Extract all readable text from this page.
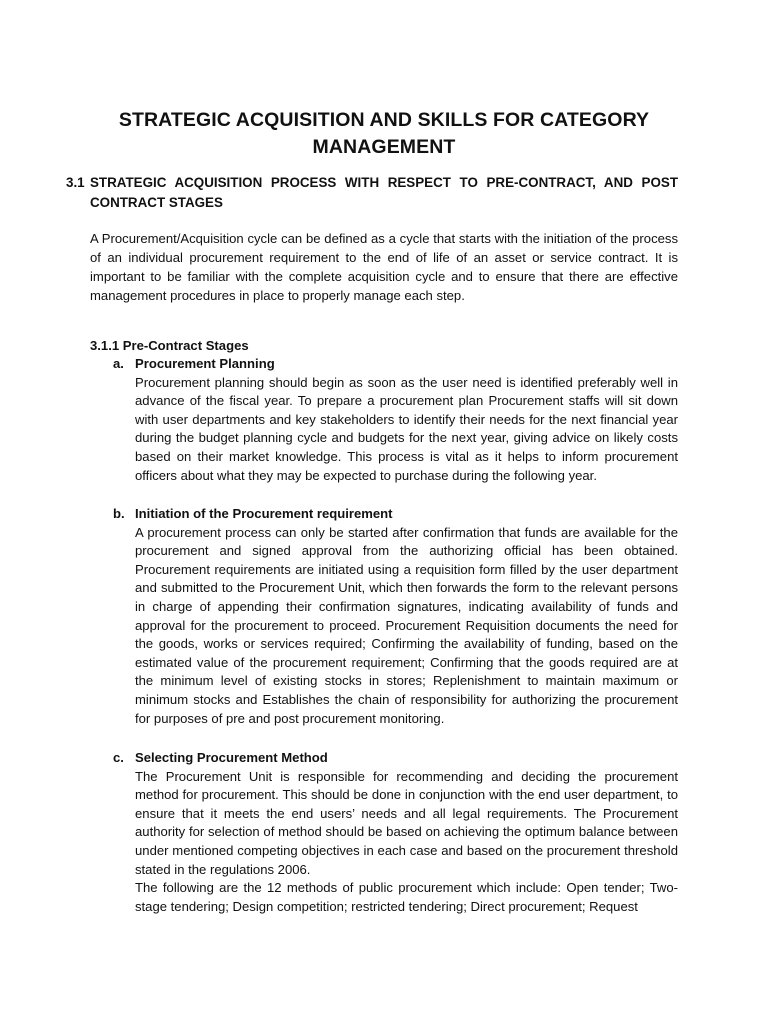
STRATEGIC ACQUISITION AND SKILLS FOR CATEGORY MANAGEMENT
3.1 STRATEGIC ACQUISITION PROCESS WITH RESPECT TO PRE-CONTRACT, AND POST CONTRACT STAGES

A Procurement/Acquisition cycle can be defined as a cycle that starts with the initiation of the process of an individual procurement requirement to the end of life of an asset or service contract. It is important to be familiar with the complete acquisition cycle and to ensure that there are effective management procedures in place to properly manage each step.

3.1.1 Pre-Contract Stages
a. Procurement Planning
Procurement planning should begin as soon as the user need is identified preferably well in advance of the fiscal year. To prepare a procurement plan Procurement staffs will sit down with user departments and key stakeholders to identify their needs for the next financial year during the budget planning cycle and budgets for the next year, giving advice on likely costs based on their market knowledge. This process is vital as it helps to inform procurement officers about what they may be expected to purchase during the following year.
b. Initiation of the Procurement requirement
A procurement process can only be started after confirmation that funds are available for the procurement and signed approval from the authorizing official has been obtained. Procurement requirements are initiated using a requisition form filled by the user department and submitted to the Procurement Unit, which then forwards the form to the relevant persons in charge of appending their confirmation signatures, indicating availability of funds and approval for the procurement to proceed. Procurement Requisition documents the need for the goods, works or services required; Confirming the availability of funding, based on the estimated value of the procurement requirement; Confirming that the goods required are at the minimum level of existing stocks in stores; Replenishment to maintain maximum or minimum stocks and Establishes the chain of responsibility for authorizing the procurement for purposes of pre and post procurement monitoring.
c. Selecting Procurement Method
The Procurement Unit is responsible for recommending and deciding the procurement method for procurement. This should be done in conjunction with the end user department, to ensure that it meets the end users’ needs and all legal requirements. The Procurement authority for selection of method should be based on achieving the optimum balance between under mentioned competing objectives in each case and based on the procurement threshold stated in the regulations 2006.
The following are the 12 methods of public procurement which include: Open tender; Two- stage tendering; Design competition; restricted tendering; Direct procurement; Request
